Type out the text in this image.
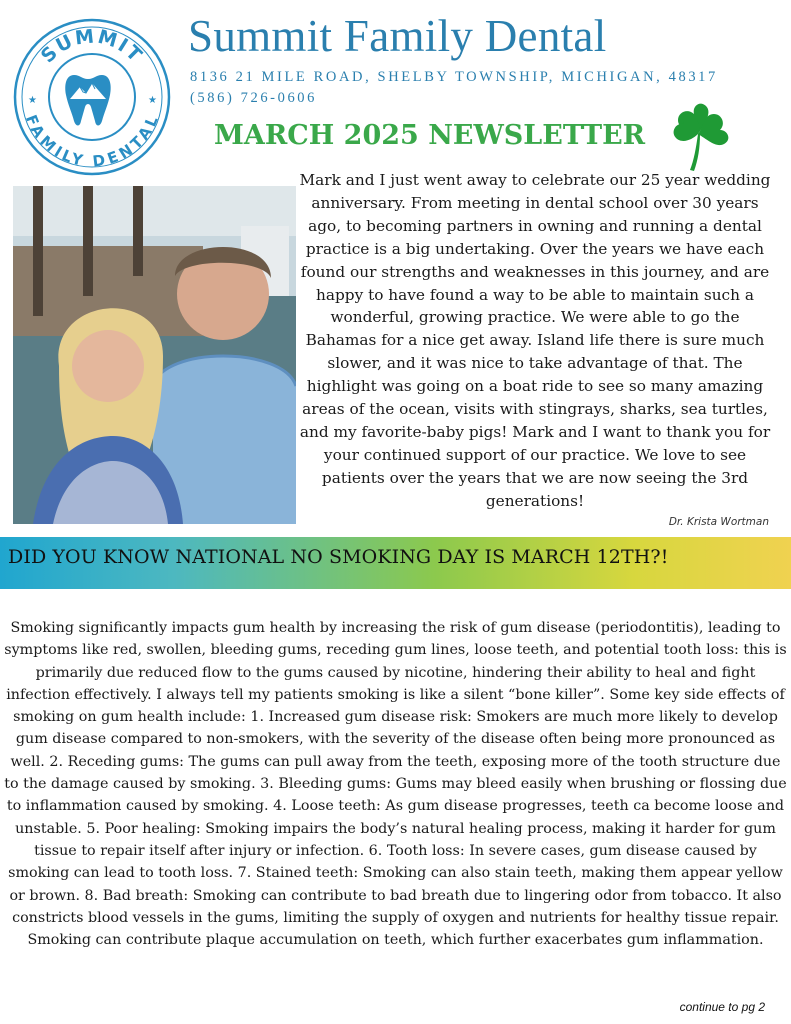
SUMMIT
FAMILY DENTAL
★	★
Summit Family Dental
8136 21 MILE ROAD, SHELBY TOWNSHIP, MICHIGAN, 48317
(586) 726-0606
MARCH 2025 NEWSLETTER

Mark and I just went away to celebrate our 25 year wedding anniversary. From meeting in dental school over 30 years ago, to becoming partners in owning and running a dental practice is a big undertaking. Over the years we have each found our strengths and weaknesses in this journey, and are happy to have found a way to be able to maintain such a wonderful, growing practice. We were able to go the Bahamas for a nice get away. Island life there is sure much slower, and it was nice to take advantage of that. The highlight was going on a boat ride to see so many amazing areas of the ocean, visits with stingrays, sharks, sea turtles, and my favorite-baby pigs! Mark and I want to thank you for your continued support of our practice. We love to see patients over the years that we are now seeing the 3rd generations!

Dr. Krista Wortman
DID YOU KNOW NATIONAL NO SMOKING DAY IS MARCH 12TH?!

Smoking significantly impacts gum health by increasing the risk of gum disease (periodontitis), leading to symptoms like red, swollen, bleeding gums, receding gum lines, loose teeth, and potential tooth loss: this is primarily due reduced flow to the gums caused by nicotine, hindering their ability to heal and fight infection effectively. I always tell my patients smoking is like a silent “bone killer”. Some key side effects of smoking on gum health include: 1. Increased gum disease risk: Smokers are much more likely to develop gum disease compared to non-smokers, with the severity of the disease often being more pronounced as well. 2. Receding gums: The gums can pull away from the teeth, exposing more of the tooth structure due to the damage caused by smoking. 3. Bleeding gums: Gums may bleed easily when brushing or flossing due to inflammation caused by smoking. 4. Loose teeth: As gum disease progresses, teeth ca become loose and unstable. 5. Poor healing: Smoking impairs the body’s natural healing process, making it harder for gum tissue to repair itself after injury or infection. 6. Tooth loss: In severe cases, gum disease caused by smoking can lead to tooth loss. 7. Stained teeth: Smoking can also stain teeth, making them appear yellow or brown. 8. Bad breath: Smoking can contribute to bad breath due to lingering odor from tobacco. It also constricts blood vessels in the gums, limiting the supply of oxygen and nutrients for healthy tissue repair. Smoking can contribute plaque accumulation on teeth, which further exacerbates gum inflammation.

continue to pg 2
